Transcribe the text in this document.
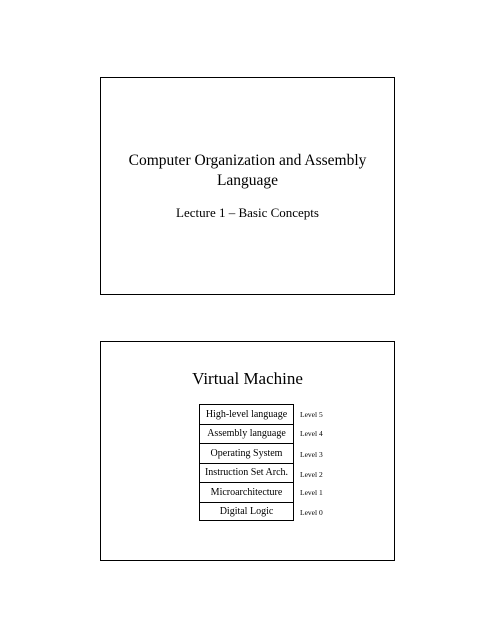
Computer Organization and Assembly
Language
Lecture 1 – Basic Concepts
Virtual Machine
High-level language
Assembly language
Operating System
Instruction Set Arch.
Microarchitecture
Digital Logic
Level 5
Level 4
Level 3
Level 2
Level 1
Level 0
